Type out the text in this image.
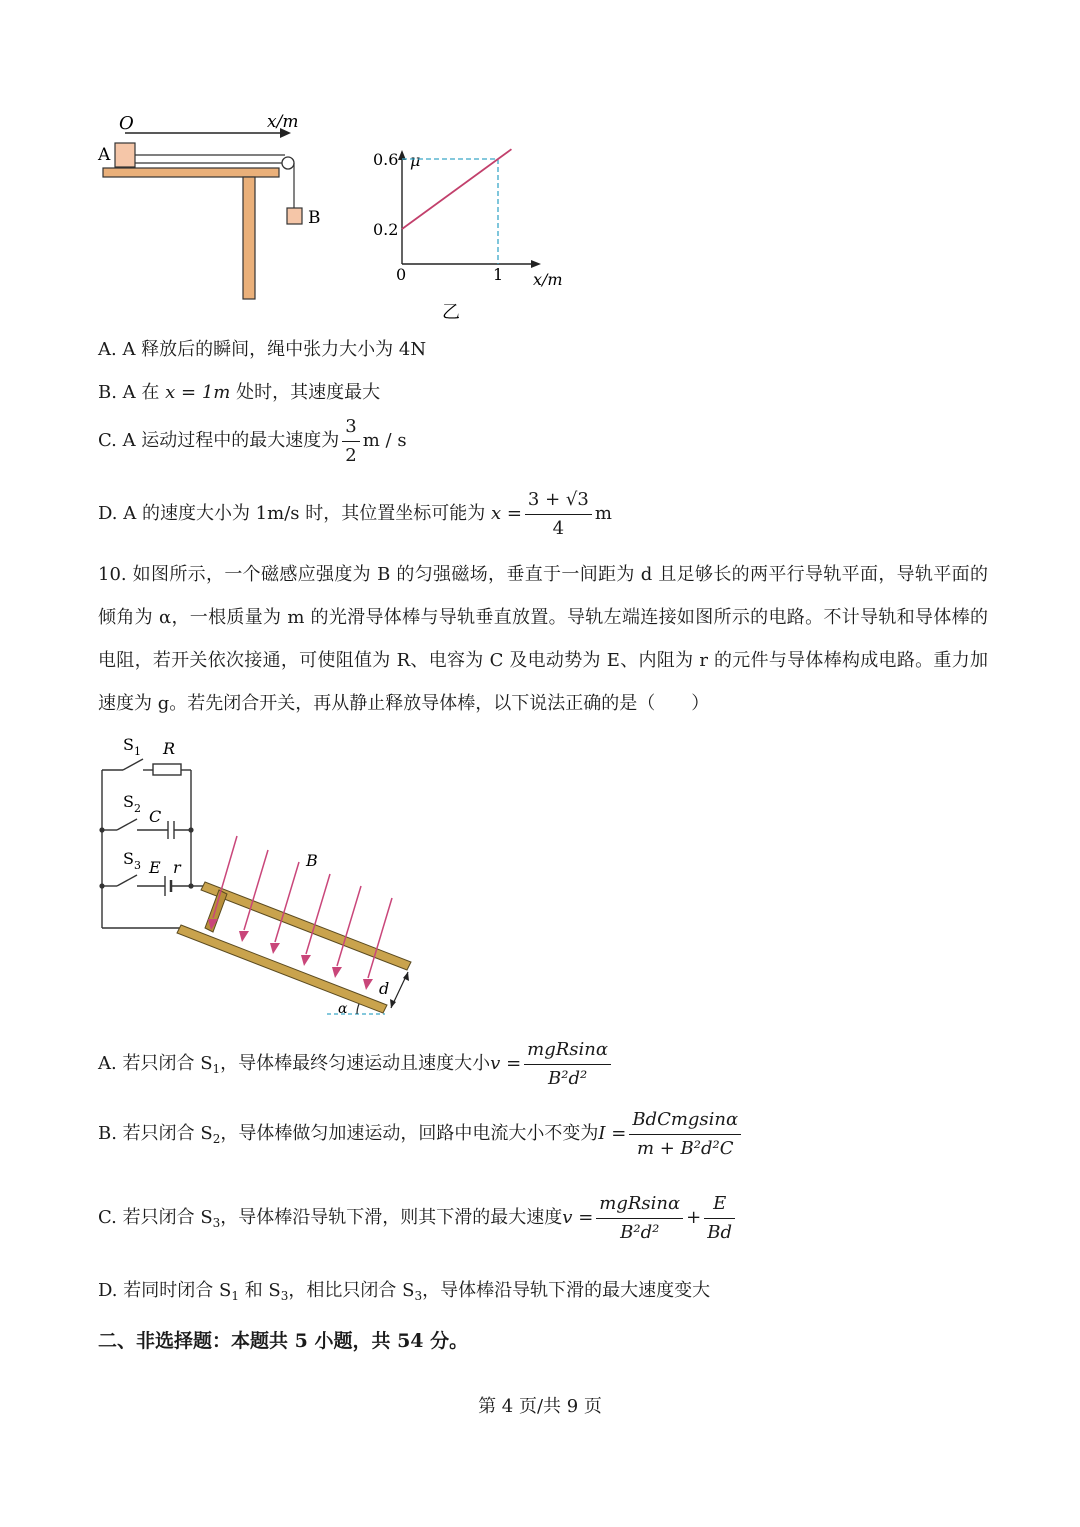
O	x/m
A
B
μ
x/m
0
0.6
0.2
1
乙
A. A 释放后的瞬间，绳中张力大小为 4N
B. A 在 x = 1m 处时，其速度最大
C. A 运动过程中的最大速度为 $\frac{3}{2}$ m / s
D. A 的速度大小为 1m/s 时，其位置坐标可能为 $x = \frac{3 + √3}{4}$ m
10. 如图所示，一个磁感应强度为 B 的匀强磁场，垂直于一间距为 d 且足够长的两平行导轨平面，导轨平面的倾角为 α，一根质量为 m 的光滑导体棒与导轨垂直放置。导轨左端连接如图所示的电路。不计导轨和导体棒的电阻，若开关依次接通，可使阻值为 R、电容为 C 及电动势为 E、内阻为 r 的元件与导体棒构成电路。重力加速度为 g。若先闭合开关，再从静止释放导体棒，以下说法正确的是（　　）
S 1
S 2
S 3
R
C
E r
d
α
B
A. 若只闭合 $S_1$，导体棒最终匀速运动且速度大小$v = \frac{\text{mgRsinα}}{\text{B²d²}}$
B. 若只闭合 $S_2$，导体棒做匀加速运动，回路中电流大小不变为$I = \frac{\text{BdCmgsinα}}{\text{m + B²d²C}}$
C. 若只闭合 $S_3$，导体棒沿导轨下滑，则其下滑的最大速度$v = \frac{\text{mgRsinα}}{\text{B²d²}} + \frac{E}{Bd}$
D. 若同时闭合 $S_1$ 和 $S_3$，相比只闭合 $S_3$，导体棒沿导轨下滑的最大速度变大
二、非选择题：本题共 5 小题，共 54 分。
第 4 页/共 9 页
